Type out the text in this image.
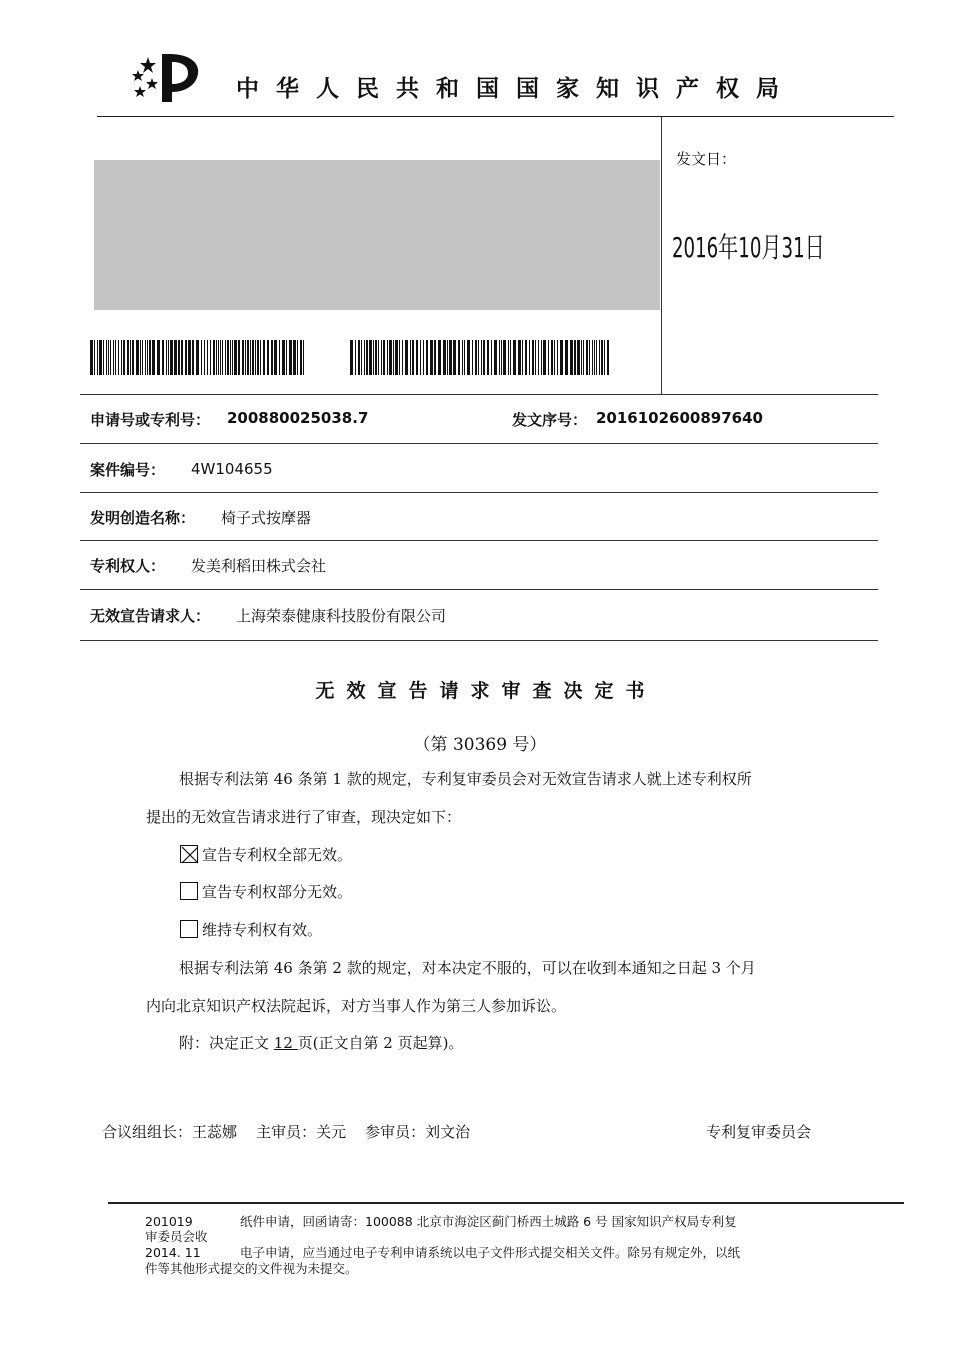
中华人民共和国国家知识产权局
发文日：
2016年10月31日
申请号或专利号： 200880025038.7	发文序号： 2016102600897640
案件编号： 4W104655
发明创造名称： 椅子式按摩器
专利权人： 发美利稻田株式会社
无效宣告请求人： 上海荣泰健康科技股份有限公司
无效宣告请求审查决定书
（第 30369 号）
根据专利法第 46 条第 1 款的规定，专利复审委员会对无效宣告请求人就上述专利权所
提出的无效宣告请求进行了审查，现决定如下：
宣告专利权全部无效。
宣告专利权部分无效。
维持专利权有效。
根据专利法第 46 条第 2 款的规定，对本决定不服的，可以在收到本通知之日起 3 个月
内向北京知识产权法院起诉，对方当事人作为第三人参加诉讼。
附：决定正文 12 页(正文自第 2 页起算)。
合议组组长：王蕊娜    主审员：关元    参审员：刘文治	专利复审委员会
201019	纸件申请，回函请寄：100088 北京市海淀区蓟门桥西土城路 6 号 国家知识产权局专利复
审委员会收
2014. 11	电子申请，应当通过电子专利申请系统以电子文件形式提交相关文件。除另有规定外，以纸
件等其他形式提交的文件视为未提交。
